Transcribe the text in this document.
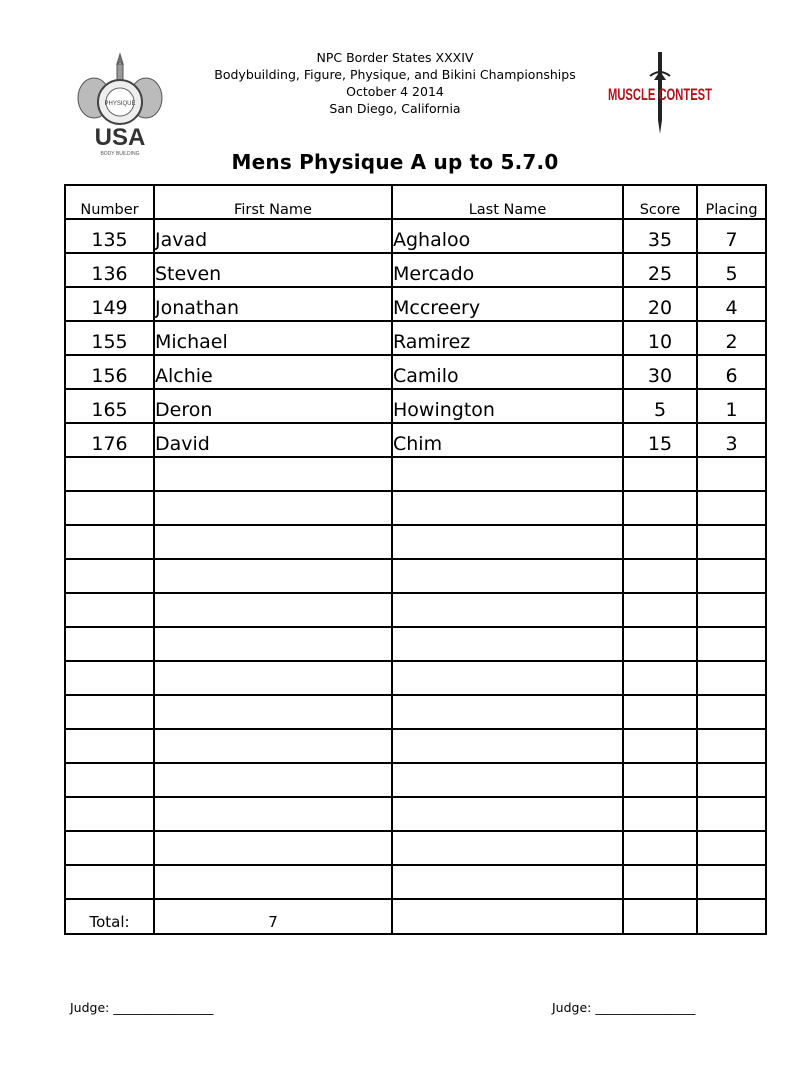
PHYSIQUE
USA
BODY BUILDING
NPC Border States XXXIV
Bodybuilding, Figure, Physique, and Bikini Championships
October 4 2014
San Diego, California
MUSCLE CONTEST
Mens Physique A up to 5.7.0
Number	First Name	Last Name	Score	Placing
135	Javad	Aghaloo	35	7
136	Steven	Mercado	25	5
149	Jonathan	Mccreery	20	4
155	Michael	Ramirez	10	2
156	Alchie	Camilo	30	6
165	Deron	Howington	5	1
176	David	Chim	15	3

Total:	7			
Judge: ________________	Judge: ________________
